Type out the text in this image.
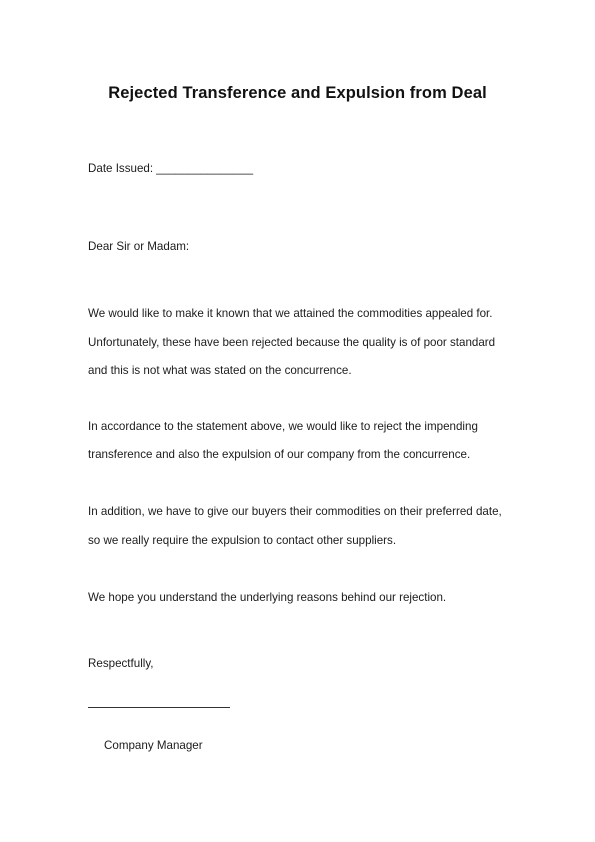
Rejected Transference and Expulsion from Deal
Date Issued: _______________
Dear Sir or Madam:
We would like to make it known that we attained the commodities appealed for.
Unfortunately, these have been rejected because the quality is of poor standard
and this is not what was stated on the concurrence.
In accordance to the statement above, we would like to reject the impending
transference and also the expulsion of our company from the concurrence.
In addition, we have to give our buyers their commodities on their preferred date,
so we really require the expulsion to contact other suppliers.
We hope you understand the underlying reasons behind our rejection.
Respectfully,
Company Manager
